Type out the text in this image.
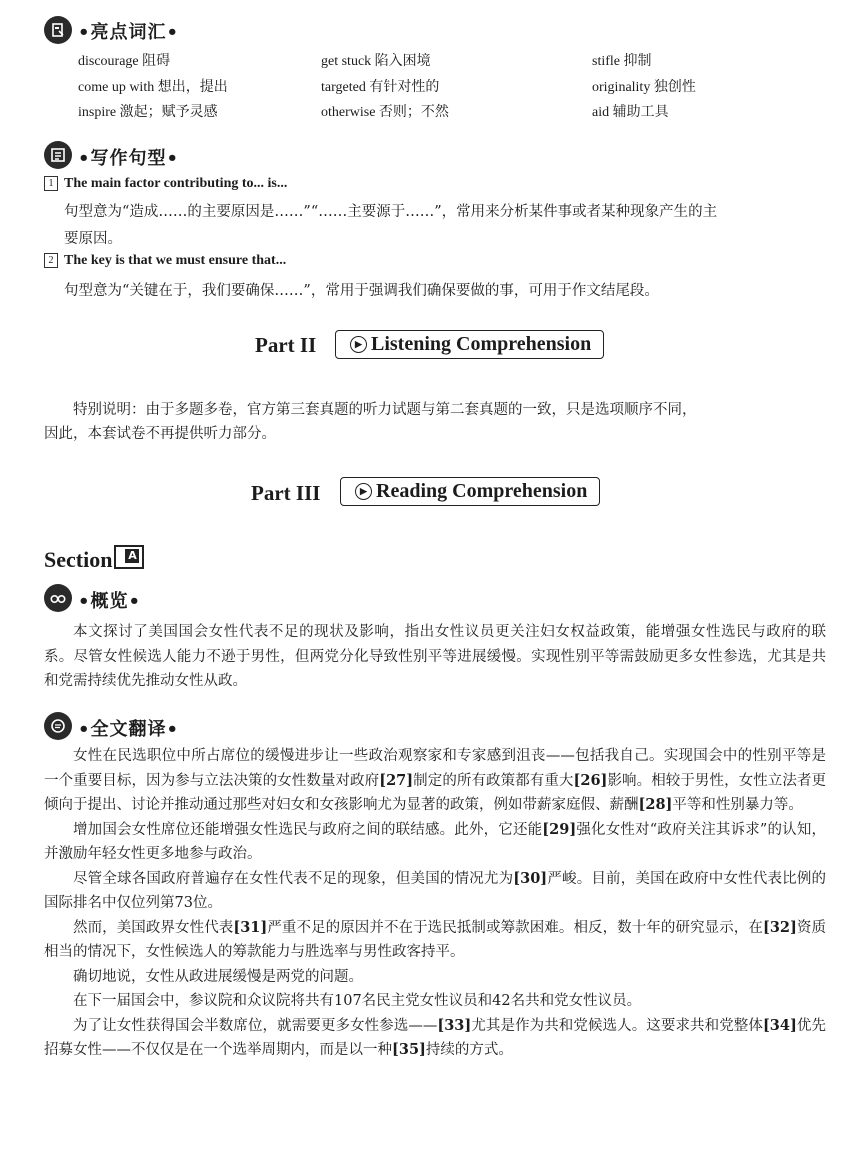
•亮点词汇•
discourage 阻碍	get stuck 陷入困境	stifle 抑制
come up with 想出，提出	targeted 有针对性的	originality 独创性
inspire 激起；赋予灵感	otherwise 否则；不然	aid 辅助工具
•写作句型•
1 The main factor contributing to... is...
句型意为“造成……的主要原因是……”“……主要源于……”，常用来分析某件事或者某种现象产生的主
要原因。
2 The key is that we must ensure that...
句型意为“关键在于，我们要确保……”，常用于强调我们确保要做的事，可用于作文结尾段。
Part II	▶ Listening Comprehension

特别说明：由于多题多卷，官方第三套真题的听力试题与第二套真题的一致，只是选项顺序不同，

因此，本套试卷不再提供听力部分。
Part III	▶ Reading Comprehension
Section A
•概览•

本文探讨了美国国会女性代表不足的现状及影响，指出女性议员更关注妇女权益政策，能增强女性选民与政府的联系。尽管女性候选人能力不逊于男性，但两党分化导致性别平等进展缓慢。实现性别平等需鼓励更多女性参选，尤其是共和党需持续优先推动女性从政。

•全文翻译•

女性在民选职位中所占席位的缓慢进步让一些政治观察家和专家感到沮丧——包括我自己。实现国会中的性别平等是一个重要目标，因为参与立法决策的女性数量对政府[27]制定的所有政策都有重大[26]影响。相较于男性，女性立法者更倾向于提出、讨论并推动通过那些对妇女和女孩影响尤为显著的政策，例如带薪家庭假、薪酬[28]平等和性别暴力等。

增加国会女性席位还能增强女性选民与政府之间的联结感。此外，它还能[29]强化女性对“政府关注其诉求”的认知，并激励年轻女性更多地参与政治。

尽管全球各国政府普遍存在女性代表不足的现象，但美国的情况尤为[30]严峻。目前，美国在政府中女性代表比例的国际排名中仅位列第73位。

然而，美国政界女性代表[31]严重不足的原因并不在于选民抵制或筹款困难。相反，数十年的研究显示，在[32]资质相当的情况下，女性候选人的筹款能力与胜选率与男性政客持平。

确切地说，女性从政进展缓慢是两党的问题。

在下一届国会中，参议院和众议院将共有107名民主党女性议员和42名共和党女性议员。

为了让女性获得国会半数席位，就需要更多女性参选——[33]尤其是作为共和党候选人。这要求共和党整体[34]优先招募女性——不仅仅是在一个选举周期内，而是以一种[35]持续的方式。
